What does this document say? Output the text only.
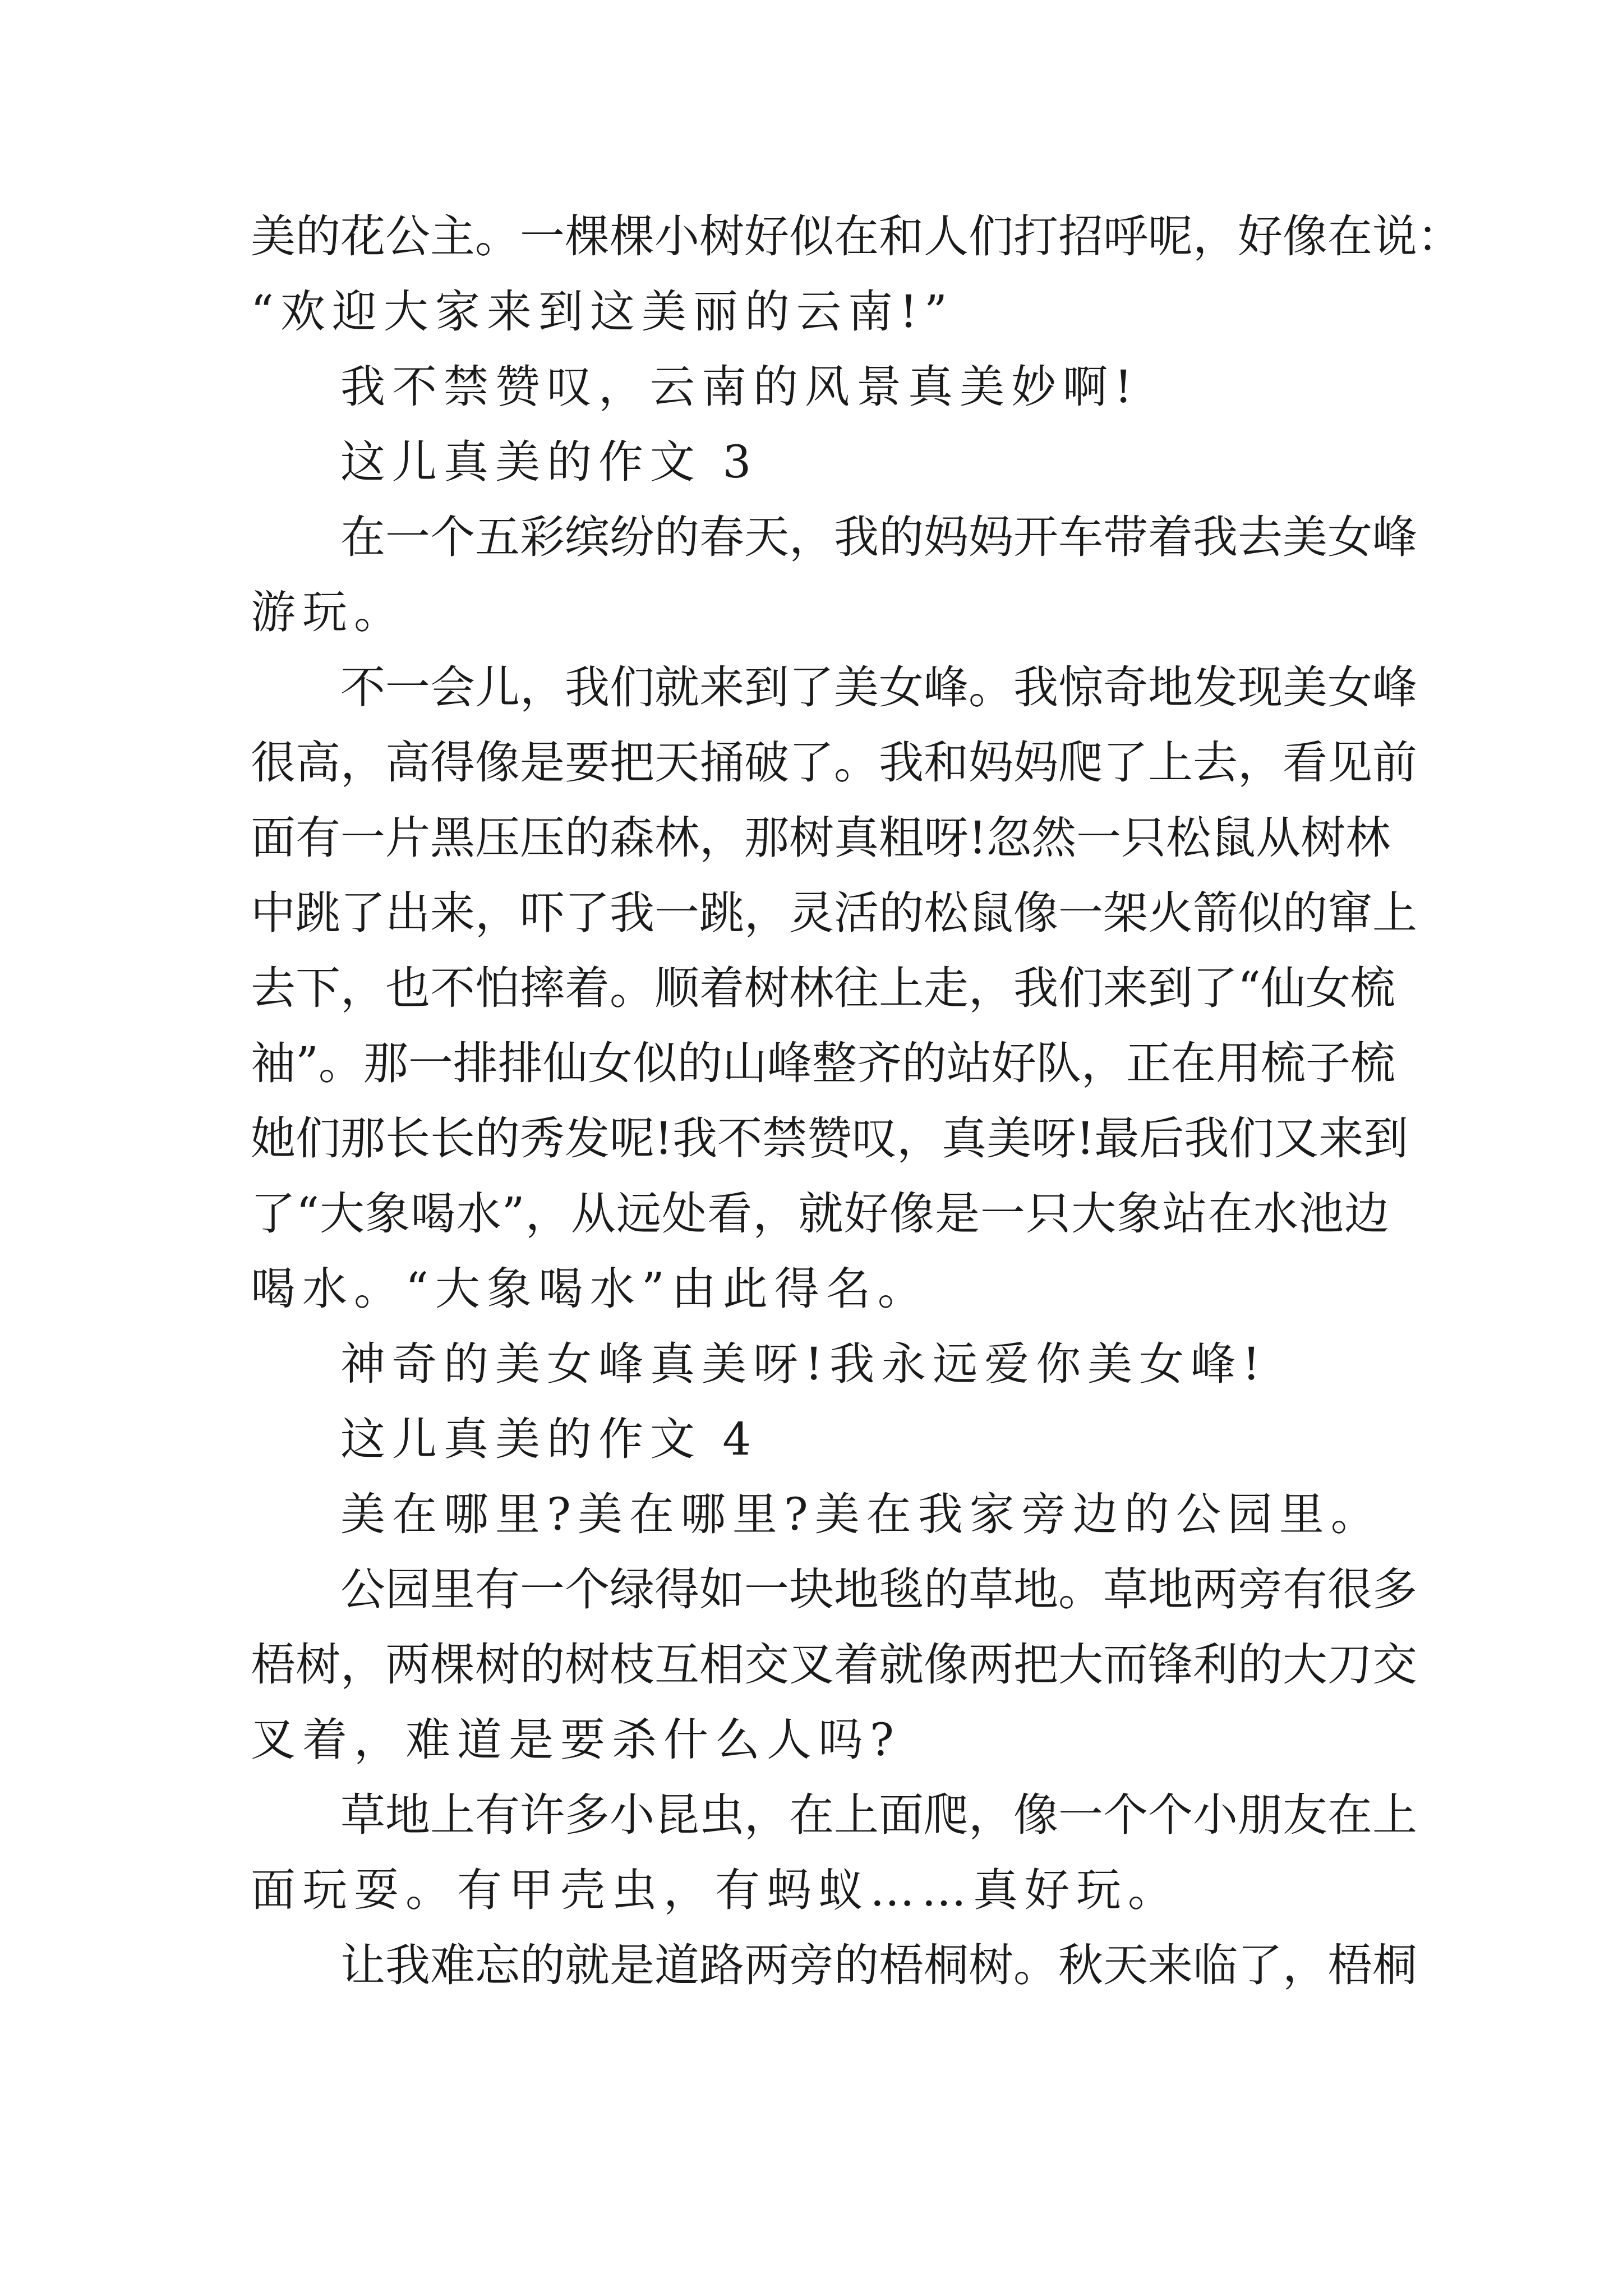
美的花公主。一棵棵小树好似在和人们打招呼呢，好像在说：
“欢迎大家来到这美丽的云南!”
我不禁赞叹，云南的风景真美妙啊!
这儿真美的作文 3
在一个五彩缤纷的春天，我的妈妈开车带着我去美女峰
游玩。
不一会儿，我们就来到了美女峰。我惊奇地发现美女峰
很高，高得像是要把天捅破了。我和妈妈爬了上去，看见前
面有一片黑压压的森林，那树真粗呀!忽然一只松鼠从树林
中跳了出来，吓了我一跳，灵活的松鼠像一架火箭似的窜上
去下，也不怕摔着。顺着树林往上走，我们来到了“仙女梳
袖”。那一排排仙女似的山峰整齐的站好队，正在用梳子梳
她们那长长的秀发呢!我不禁赞叹，真美呀!最后我们又来到
了“大象喝水”，从远处看，就好像是一只大象站在水池边
喝水。“大象喝水”由此得名。
神奇的美女峰真美呀!我永远爱你美女峰!
这儿真美的作文 4
美在哪里?美在哪里?美在我家旁边的公园里。
公园里有一个绿得如一块地毯的草地。草地两旁有很多
梧树，两棵树的树枝互相交叉着就像两把大而锋利的大刀交
叉着，难道是要杀什么人吗?
草地上有许多小昆虫，在上面爬，像一个个小朋友在上
面玩耍。有甲壳虫，有蚂蚁……真好玩。
让我难忘的就是道路两旁的梧桐树。秋天来临了，梧桐
